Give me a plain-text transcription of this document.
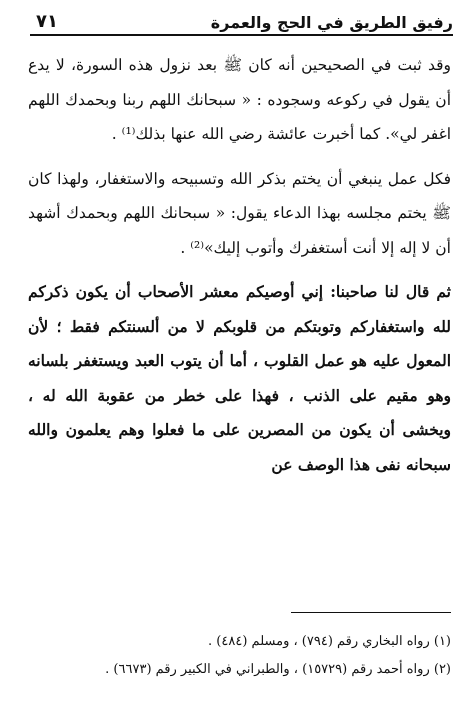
رفيق الطريق في الحج والعمرة
٧١

وقد ثبت في الصحيحين أنه كان ﷺ بعد نزول هذه السورة، لا يدع أن يقول في ركوعه وسجوده : « سبحانك اللهم ربنا وبحمدك اللهم اغفر لي». كما أخبرت عائشة رضي الله عنها بذلك⁽¹⁾ .

فكل عمل ينبغي أن يختم بذكر الله وتسبيحه والاستغفار، ولهذا كان ﷺ يختم مجلسه بهذا الدعاء يقول: « سبحانك اللهم وبحمدك أشهد أن لا إله إلا أنت أستغفرك وأتوب إليك»⁽²⁾ .

ثم قال لنا صاحبنا: إني أوصيكم معشر الأصحاب أن يكون ذكركم لله واستغفاركم وتوبتكم من قلوبكم لا من ألسنتكم فقط ؛ لأن المعول عليه هو عمل القلوب ، أما أن يتوب العبد ويستغفر بلسانه وهو مقيم على الذنب ، فهذا على خطر من عقوبة الله له ، ويخشى أن يكون من المصرين على ما فعلوا وهم يعلمون والله سبحانه نفى هذا الوصف عن

(١) رواه البخاري رقم (٧٩٤) ، ومسلم (٤٨٤) .

(٢) رواه أحمد رقم (١٥٧٢٩) ، والطبراني في الكبير رقم (٦٦٧٣) .
